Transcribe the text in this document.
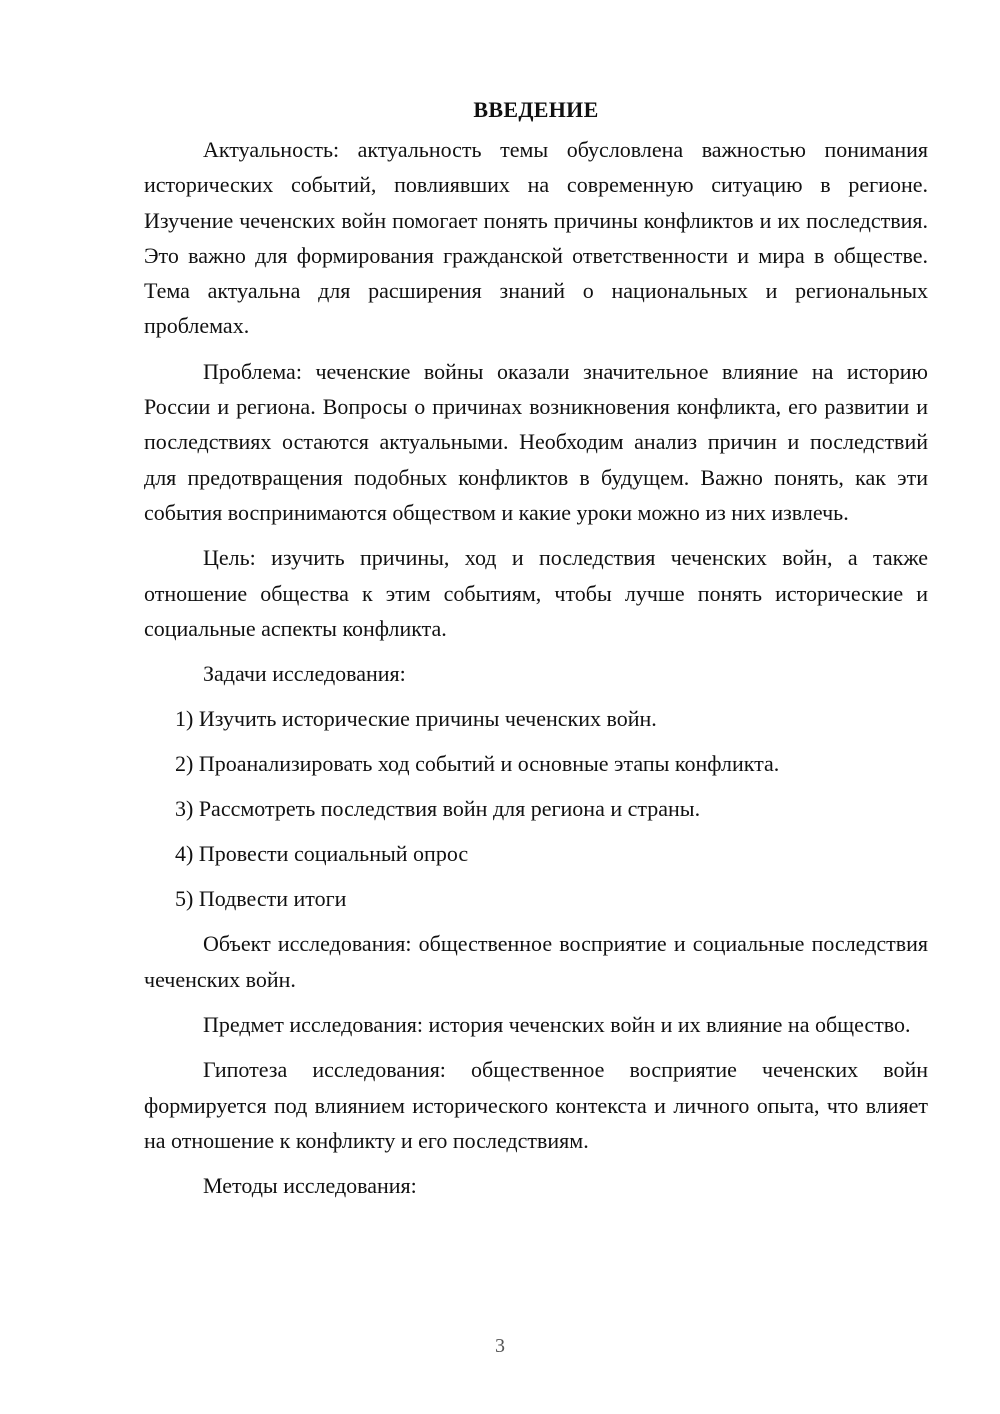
ВВЕДЕНИЕ

Актуальность: актуальность темы обусловлена важностью понимания исторических событий, повлиявших на современную ситуацию в регионе. Изучение чеченских войн помогает понять причины конфликтов и их последствия. Это важно для формирования гражданской ответственности и мира в обществе. Тема актуальна для расширения знаний о национальных и региональных проблемах.

Проблема: чеченские войны оказали значительное влияние на историю России и региона. Вопросы о причинах возникновения конфликта, его развитии и последствиях остаются актуальными. Необходим анализ причин и последствий для предотвращения подобных конфликтов в будущем. Важно понять, как эти события воспринимаются обществом и какие уроки можно из них извлечь.

Цель: изучить причины, ход и последствия чеченских войн, а также отношение общества к этим событиям, чтобы лучше понять исторические и социальные аспекты конфликта.

Задачи исследования:

1) Изучить исторические причины чеченских войн.
2) Проанализировать ход событий и основные этапы конфликта.
3) Рассмотреть последствия войн для региона и страны.
4) Провести социальный опрос
5) Подвести итоги

Объект исследования: общественное восприятие и социальные последствия чеченских войн.

Предмет исследования: история чеченских войн и их влияние на общество.

Гипотеза исследования: общественное восприятие чеченских войн формируется под влиянием исторического контекста и личного опыта, что влияет на отношение к конфликту и его последствиям.

Методы исследования:

3
